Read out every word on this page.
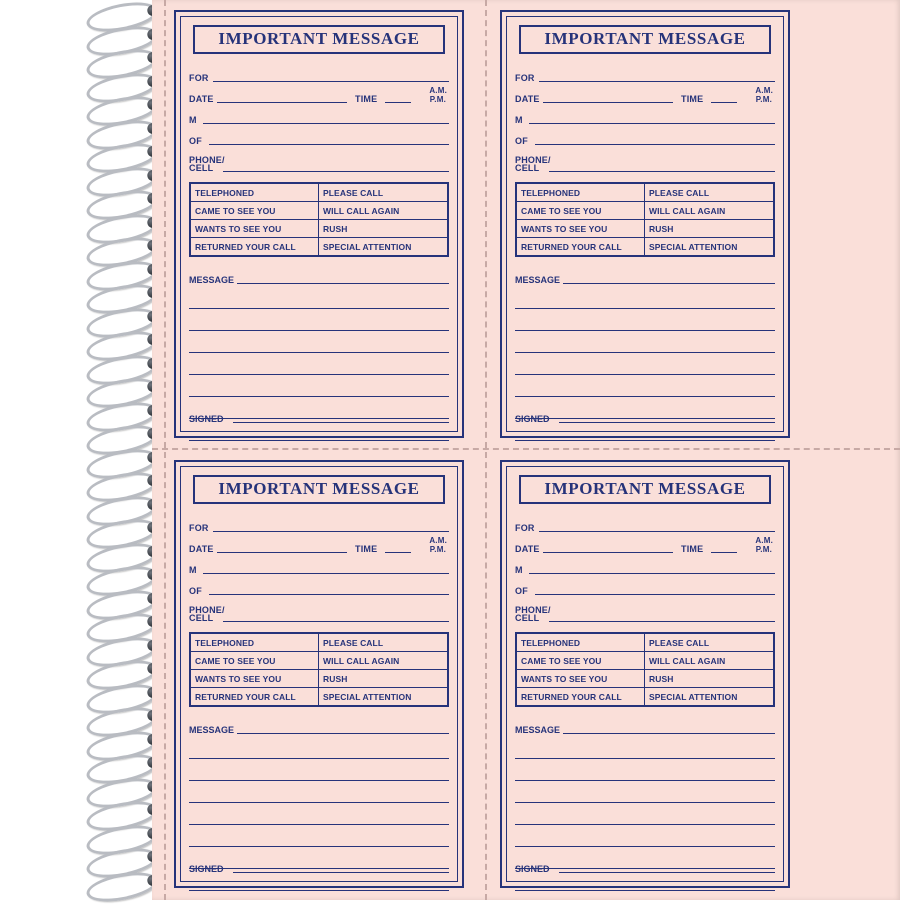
IMPORTANT MESSAGE
FOR
DATE	TIME
A.M.
P.M.
M
OF
PHONE/
CELL
TELEPHONED	PLEASE CALL
CAME TO SEE YOU	WILL CALL AGAIN
WANTS TO SEE YOU	RUSH
RETURNED YOUR CALL	SPECIAL ATTENTION
MESSAGE
SIGNED
IMPORTANT MESSAGE
FOR
DATE	TIME
A.M.
P.M.
M
OF
PHONE/
CELL
TELEPHONED	PLEASE CALL
CAME TO SEE YOU	WILL CALL AGAIN
WANTS TO SEE YOU	RUSH
RETURNED YOUR CALL	SPECIAL ATTENTION
MESSAGE
SIGNED
IMPORTANT MESSAGE
FOR
DATE	TIME
A.M.
P.M.
M
OF
PHONE/
CELL
TELEPHONED	PLEASE CALL
CAME TO SEE YOU	WILL CALL AGAIN
WANTS TO SEE YOU	RUSH
RETURNED YOUR CALL	SPECIAL ATTENTION
MESSAGE
SIGNED
IMPORTANT MESSAGE
FOR
DATE	TIME
A.M.
P.M.
M
OF
PHONE/
CELL
TELEPHONED	PLEASE CALL
CAME TO SEE YOU	WILL CALL AGAIN
WANTS TO SEE YOU	RUSH
RETURNED YOUR CALL	SPECIAL ATTENTION
MESSAGE
SIGNED
